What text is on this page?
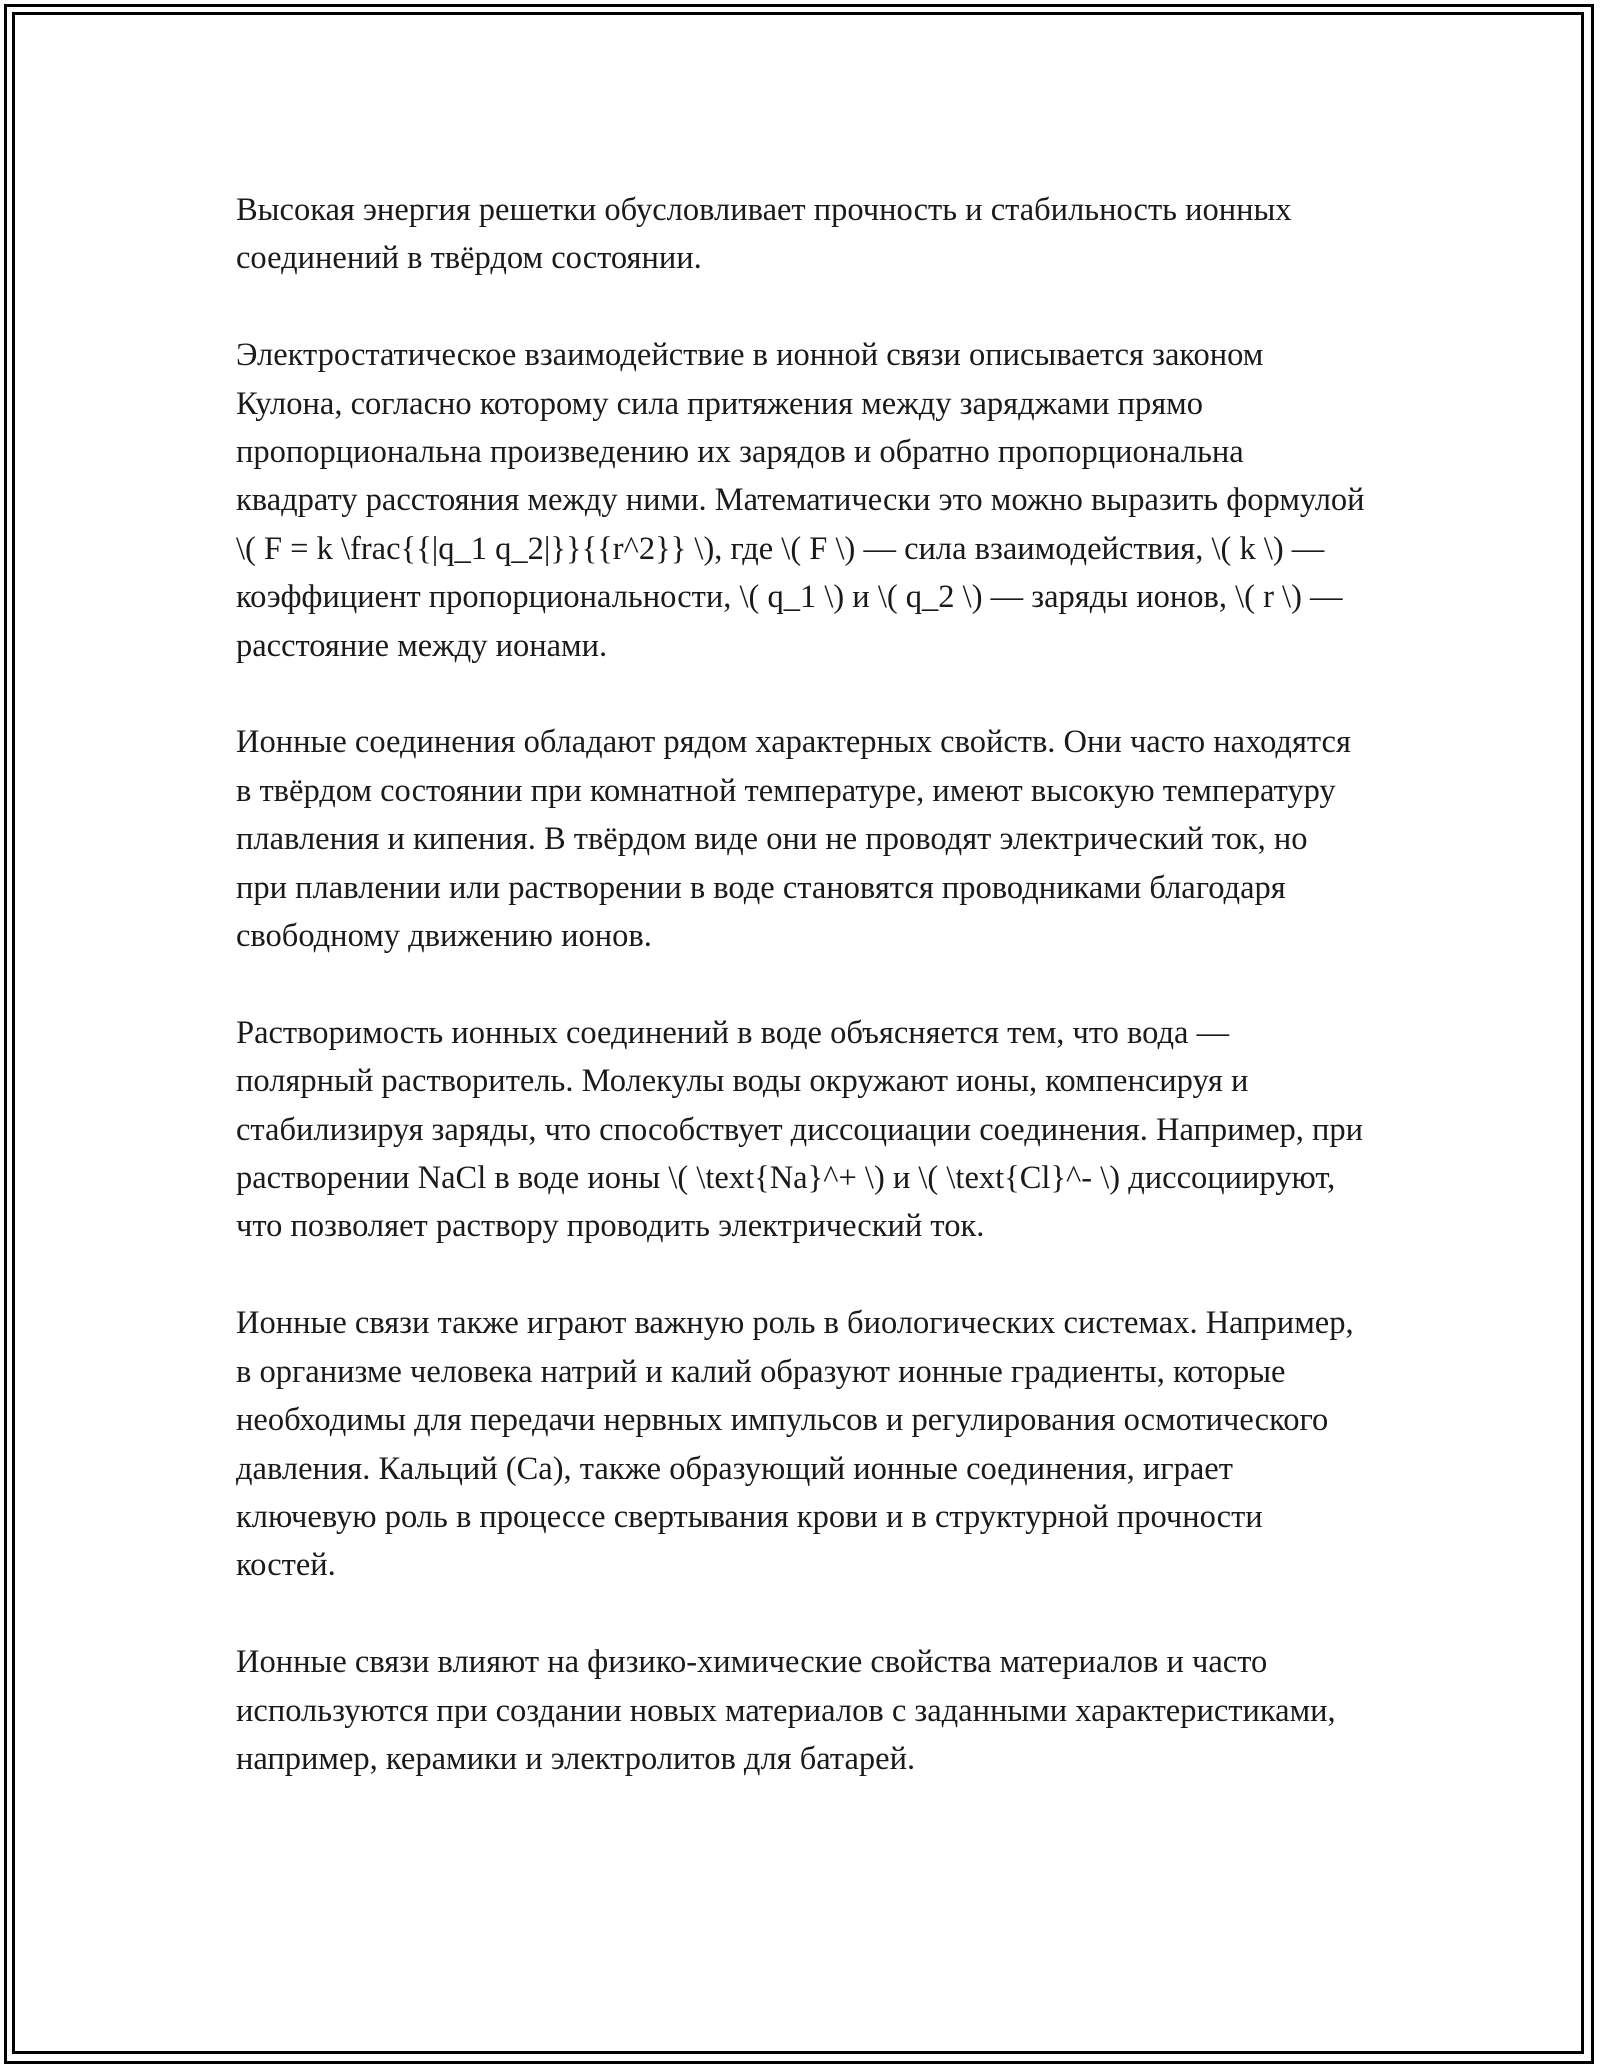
Высокая энергия решетки обусловливает прочность и стабильность ионных соединений в твёрдом состоянии.

Электростатическое взаимодействие в ионной связи описывается законом Кулона, согласно которому сила притяжения между заряджами прямо пропорциональна произведению их зарядов и обратно пропорциональна квадрату расстояния между ними. Математически это можно выразить формулой \( F = k \frac{{|q_1 q_2|}}{{r^2}} \), где \( F \) — сила взаимодействия, \( k \) — коэффициент пропорциональности, \( q_1 \) и \( q_2 \) — заряды ионов, \( r \) — расстояние между ионами.

Ионные соединения обладают рядом характерных свойств. Они часто находятся в твёрдом состоянии при комнатной температуре, имеют высокую температуру плавления и кипения. В твёрдом виде они не проводят электрический ток, но при плавлении или растворении в воде становятся проводниками благодаря свободному движению ионов.

Растворимость ионных соединений в воде объясняется тем, что вода — полярный растворитель. Молекулы воды окружают ионы, компенсируя и стабилизируя заряды, что способствует диссоциации соединения. Например, при растворении NaCl в воде ионы \( \text{Na}^+ \) и \( \text{Cl}^- \) диссоциируют, что позволяет раствору проводить электрический ток.

Ионные связи также играют важную роль в биологических системах. Например, в организме человека натрий и калий образуют ионные градиенты, которые необходимы для передачи нервных импульсов и регулирования осмотического давления. Кальций (Ca), также образующий ионные соединения, играет ключевую роль в процессе свертывания крови и в структурной прочности костей.

Ионные связи влияют на физико-химические свойства материалов и часто используются при создании новых материалов с заданными характеристиками, например, керамики и электролитов для батарей.
